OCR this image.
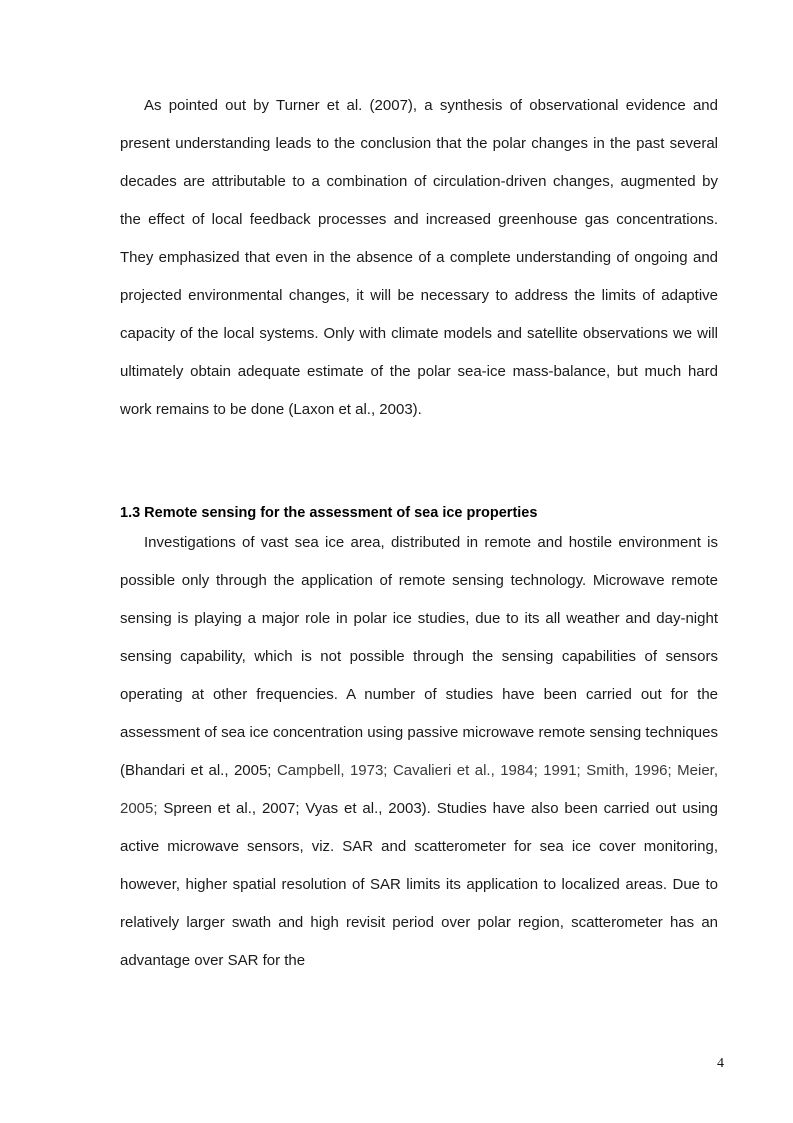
As pointed out by Turner et al. (2007), a synthesis of observational evidence and present understanding leads to the conclusion that the polar changes in the past several decades are attributable to a combination of circulation-driven changes, augmented by the effect of local feedback processes and increased greenhouse gas concentrations. They emphasized that even in the absence of a complete understanding of ongoing and projected environmental changes, it will be necessary to address the limits of adaptive capacity of the local systems. Only with climate models and satellite observations we will ultimately obtain adequate estimate of the polar sea-ice mass-balance, but much hard work remains to be done (Laxon et al., 2003).

1.3 Remote sensing for the assessment of sea ice properties

Investigations of vast sea ice area, distributed in remote and hostile environment is possible only through the application of remote sensing technology. Microwave remote sensing is playing a major role in polar ice studies, due to its all weather and day-night sensing capability, which is not possible through the sensing capabilities of sensors operating at other frequencies. A number of studies have been carried out for the assessment of sea ice concentration using passive microwave remote sensing techniques (Bhandari et al., 2005; Campbell, 1973; Cavalieri et al., 1984; 1991; Smith, 1996; Meier, 2005; Spreen et al., 2007; Vyas et al., 2003). Studies have also been carried out using active microwave sensors, viz. SAR and scatterometer for sea ice cover monitoring, however, higher spatial resolution of SAR limits its application to localized areas. Due to relatively larger swath and high revisit period over polar region, scatterometer has an advantage over SAR for the

4
